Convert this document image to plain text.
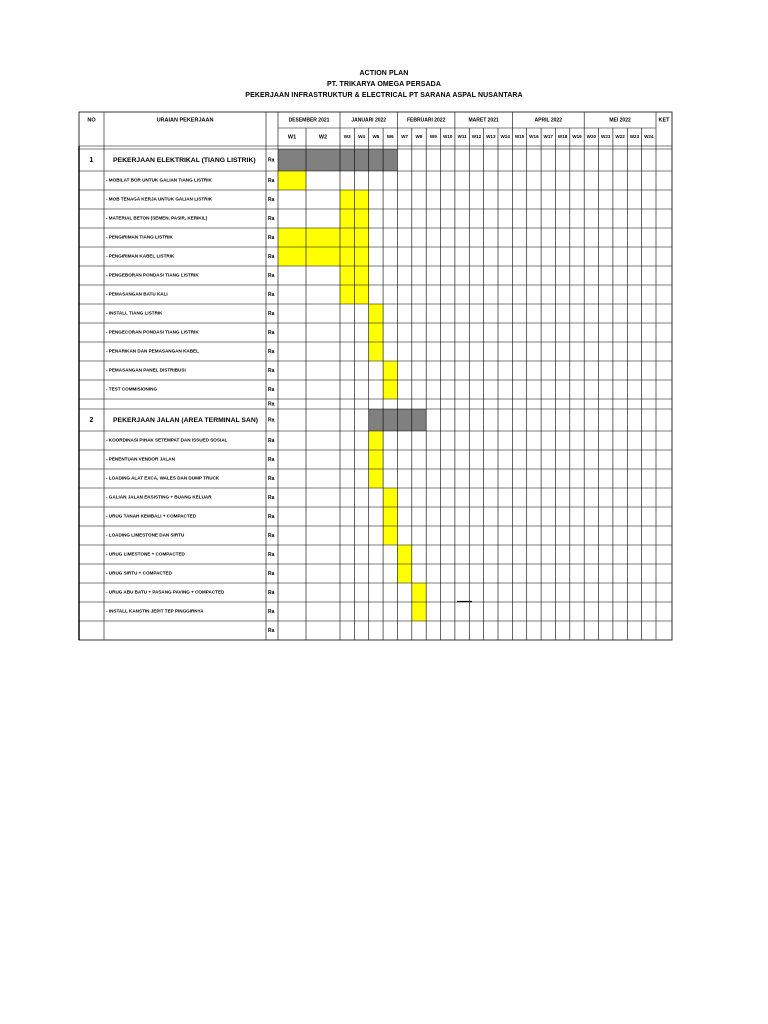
ACTION PLAN
PT. TRIKARYA OMEGA PERSADA
PEKERJAAN INFRASTRUKTUR & ELECTRICAL PT SARANA ASPAL NUSANTARA
NO	URAIAN PEKERJAAN	KET
DESEMBER 2021	JANUARI 2022	FEBRUARI 2022	MARET 2021	APRIL 2022	MEI 2022
W1	W2	W3 W4 W5 W6 W7 W8 W9 W10 W11 W12 W13 W14 W15 W16 W17 W18 W19 W20 W21 W22 W23 W24
1	PEKERJAAN ELEKTRIKAL (TIANG LISTRIK) Ra
- MOBILAT BOR UNTUK GALIAN TIANG LISTRIK	Ra
- MOB TENAGA KERJA UNTUK GALIAN LISTRIK	Ra
- MATERIAL BETON (SEMEN, PASIR, KERIKIL)	Ra
- PENGIRIMAN TIANG LISTRIK	Ra
- PENGIRIMAN KABEL LISTRIK	Ra
- PENGEBORAN PONDASI TIANG LISTRIK	Ra
- PEMASANGAN BATU KALI	Ra
- INSTALL TIANG LISTRIK	Ra
- PENGECORAN PONDASI TIANG LISTRIK	Ra
- PENARIKAN DAN PEMASANGAN KABEL	Ra
- PEMASANGAN PANEL DISTRIBUSI	Ra
- TEST COMMISIONING	Ra
Ra
2	PEKERJAAN JALAN (AREA TERMINAL SAN) Ra
- KOORDINASI PIHAK SETEMPAT DAN ISSUED SOSIAL	Ra
- PENENTUAN VENDOR JALAN	Ra
- LOADING ALAT EXCA, WALES DAN DUMP TRUCK	Ra
- GALIAN JALAN EKSISTING + BUANG KELUAR	Ra
- URUG TANAH KEMBALI + COMPACTED	Ra
- LOADING LIMESTONE DAN SIRTU	Ra
- URUG LIMESTONE + COMPACTED	Ra
- URUG SIRTU + COMPACTED	Ra
- URUG ABU BATU + PASANG PAVING + COMPACTED	Ra
- INSTALL KANSTIN JEPIT TEP PINGGIRNYA	Ra
Ra
